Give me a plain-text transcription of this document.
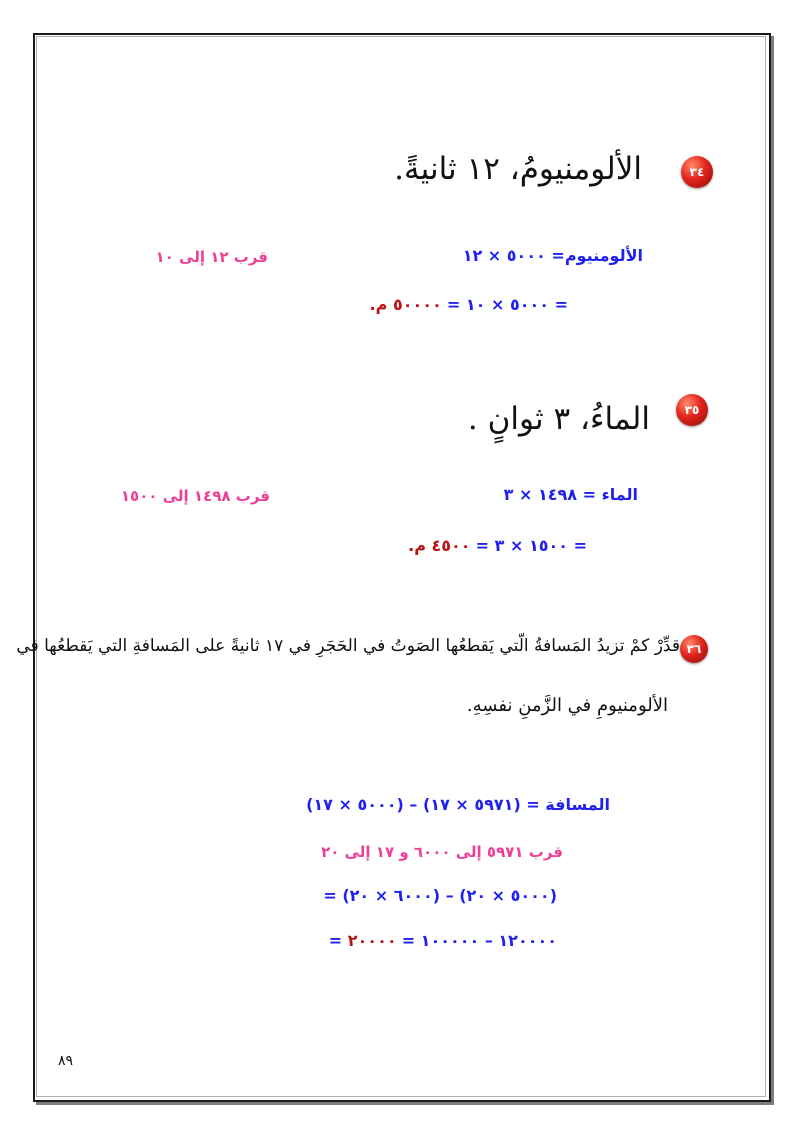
٣٤
الألومنيومُ، ١٢ ثانيةً.
الألومنيوم= ٥٠٠٠ × ١٢
قرب ١٢ إلى ١٠
= ٥٠٠٠ × ١٠ = ٥٠٠٠٠ م.
٣٥
الماءُ، ٣ ثوانٍ .
الماء = ١٤٩٨ × ٣
قرب ١٤٩٨ إلى ١٥٠٠
= ١٥٠٠ × ٣ = ٤٥٠٠ م.
٣٦
قدِّرْ كمْ تزيدُ المَسافةُ الّتي يَقطعُها الصَوتُ في الحَجَرِ في ١٧ ثانيةً على المَسافةِ التي يَقطعُها في
الألومنيومِ في الزَّمنِ نفسِهِ.
المسافة = (٥٩٧١ × ١٧) – (٥٠٠٠ × ١٧)
قرب ٥٩٧١ إلى ٦٠٠٠ و ١٧ إلى ٢٠
= (٦٠٠٠ × ٢٠) – (٥٠٠٠ × ٢٠)
= ١٢٠٠٠٠ – ١٠٠٠٠٠ = ٢٠٠٠٠
٨٩
